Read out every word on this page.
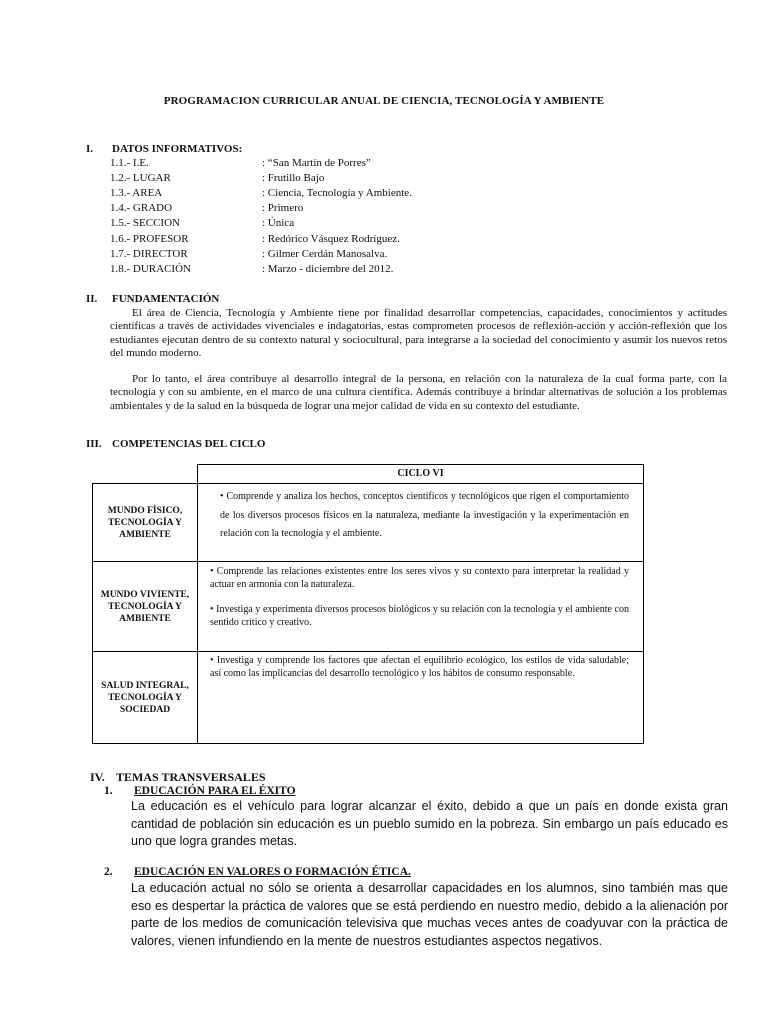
PROGRAMACION CURRICULAR ANUAL DE CIENCIA, TECNOLOGÍA Y AMBIENTE
I. DATOS INFORMATIVOS:
1.1.- I.E.	: “San Martín de Porres”
1.2.- LUGAR	: Frutillo Bajo
1.3.- AREA	: Ciencia, Tecnología y Ambiente.
1.4.- GRADO	: Primero
1.5.- SECCION	: Única
1.6.- PROFESOR	: Redórico Vásquez Rodríguez.
1.7.- DIRECTOR	: Gilmer Cerdán Manosalva.
1.8.- DURACIÓN	: Marzo - diciembre del 2012.
II. FUNDAMENTACIÓN
El área de Ciencia, Tecnología y Ambiente tiene por finalidad desarrollar competencias, capacidades, conocimientos y actitudes científicas a través de actividades vivenciales e indagatorias, estas comprometen procesos de reflexión-acción y acción-reflexión que los estudiantes ejecutan dentro de su contexto natural y sociocultural, para integrarse a la sociedad del conocimiento y asumir los nuevos retos del mundo moderno.
Por lo tanto, el área contribuye al desarrollo integral de la persona, en relación con la naturaleza de la cual forma parte, con la tecnología y con su ambiente, en el marco de una cultura científica. Además contribuye a brindar alternativas de solución a los problemas ambientales y de la salud en la búsqueda de lograr una mejor calidad de vida en su contexto del estudiante.
III. COMPETENCIAS DEL CICLO
	CICLO VI
MUNDO FÍSICO, TECNOLOGÍA Y AMBIENTE	• Comprende y analiza los hechos, conceptos científicos y tecnológicos que rigen el comportamiento de los diversos procesos físicos en la naturaleza, mediante la investigación y la experimentación en relación con la tecnología y el ambiente.

MUNDO VIVIENTE, TECNOLOGÍA Y AMBIENTE	• Comprende las relaciones existentes entre los seres vivos y su contexto para interpretar la realidad y actuar en armonía con la naturaleza.

• Investiga y experimenta diversos procesos biológicos y su relación con la tecnología y el ambiente con sentido crítico y creativo.

SALUD INTEGRAL, TECNOLOGÍA Y SOCIEDAD	• Investiga y comprende los factores que afectan el equilibrio ecológico, los estilos de vida saludable; así como las implicancias del desarrollo tecnológico y los hábitos de consumo responsable.

IV. TEMAS TRANSVERSALES
1. EDUCACIÓN PARA EL ÉXITO
La educación es el vehículo para lograr alcanzar el éxito, debido a que un país en donde exista gran cantidad de población sin educación es un pueblo sumido en la pobreza. Sin embargo un país educado es uno que logra grandes metas.
2. EDUCACIÓN EN VALORES O FORMACIÓN ÉTICA.
La educación actual no sólo se orienta a desarrollar capacidades en los alumnos, sino también mas que eso es despertar la práctica de valores que se está perdiendo en nuestro medio, debido a la alienación por parte de los medios de comunicación televisiva que muchas veces antes de coadyuvar con la práctica de valores, vienen infundiendo en la mente de nuestros estudiantes aspectos negativos.
